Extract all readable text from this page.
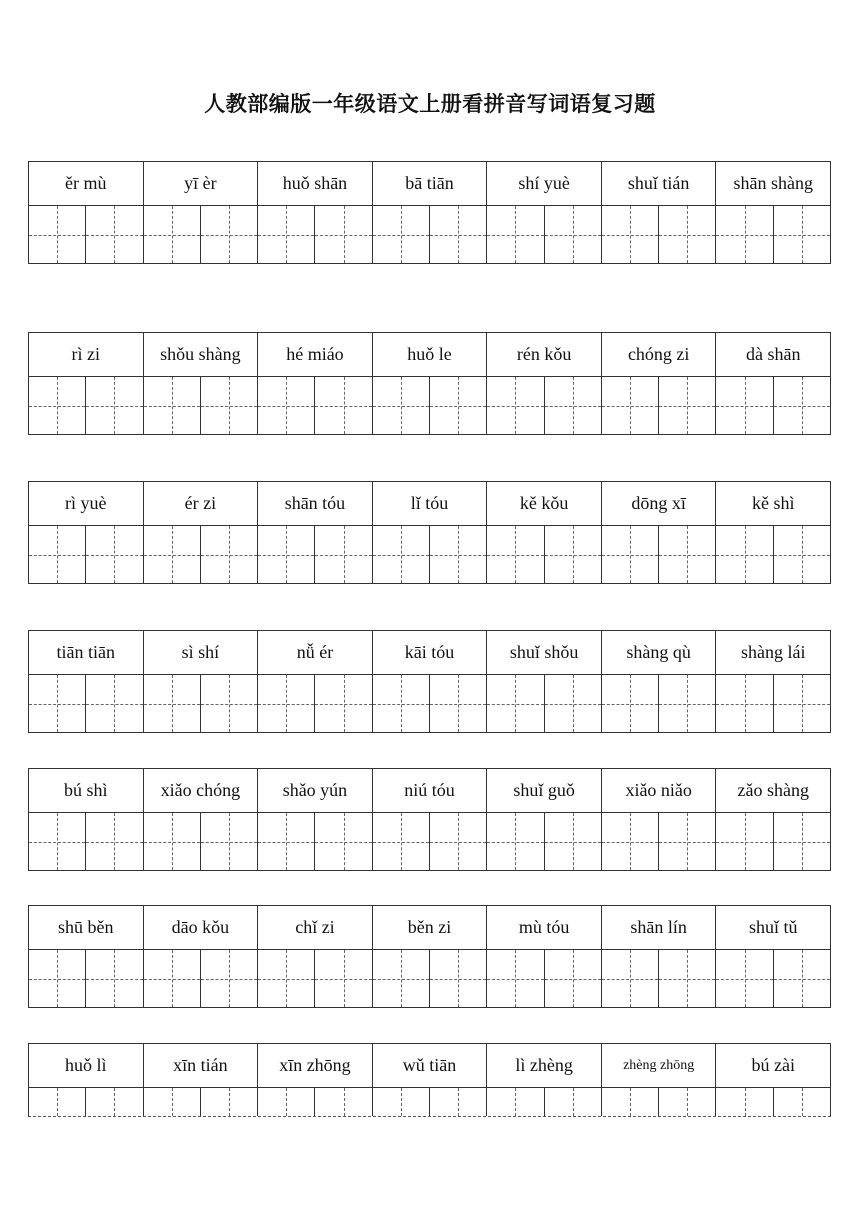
人教部编版一年级语文上册看拼音写词语复习题
ěr mù	yī èr	huǒ shān	bā tiān	shí yuè	shuǐ tián	shān shàng
rì zi	shǒu shàng	hé miáo	huǒ le	rén kǒu	chóng zi	dà shān
rì yuè	ér zi	shān tóu	lǐ tóu	kě kǒu	dōng xī	kě shì
tiān tiān	sì shí	nǚ ér	kāi tóu	shuǐ shǒu	shàng qù	shàng lái
bú shì	xiǎo chóng	shǎo yún	niú tóu	shuǐ guǒ	xiǎo niǎo	zǎo shàng
shū běn	dāo kǒu	chǐ zi	běn zi	mù tóu	shān lín	shuǐ tǔ
huǒ lì	xīn tián	xīn zhōng	wǔ tiān	lì zhèng	zhèng zhōng	bú zài
